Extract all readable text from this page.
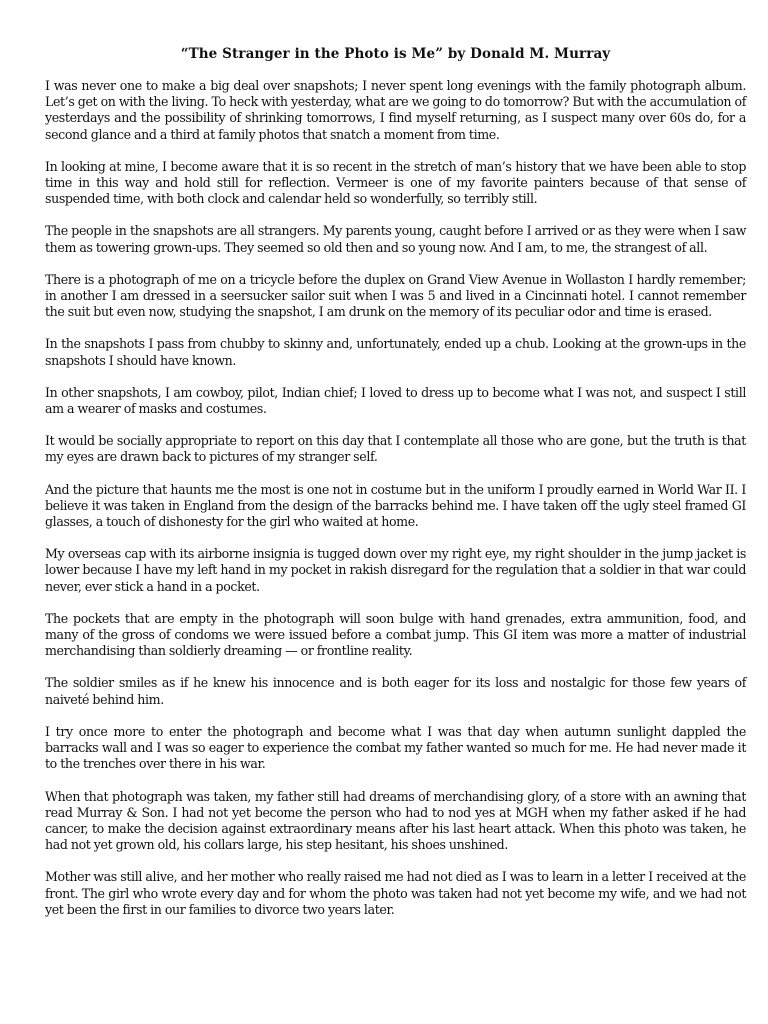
“The Stranger in the Photo is Me” by Donald M. Murray

I was never one to make a big deal over snapshots; I never spent long evenings with the family photograph album. Let’s get on with the living. To heck with yesterday, what are we going to do tomorrow? But with the accumulation of yesterdays and the possibility of shrinking tomorrows, I find myself returning, as I suspect many over 60s do, for a second glance and a third at family photos that snatch a moment from time.

In looking at mine, I become aware that it is so recent in the stretch of man’s history that we have been able to stop time in this way and hold still for reflection. Vermeer is one of my favorite painters because of that sense of suspended time, with both clock and calendar held so wonderfully, so terribly still.

The people in the snapshots are all strangers. My parents young, caught before I arrived or as they were when I saw them as towering grown-ups. They seemed so old then and so young now. And I am, to me, the strangest of all.

There is a photograph of me on a tricycle before the duplex on Grand View Avenue in Wollaston I hardly remember; in another I am dressed in a seersucker sailor suit when I was 5 and lived in a Cincinnati hotel. I cannot remember the suit but even now, studying the snapshot, I am drunk on the memory of its peculiar odor and time is erased.

In the snapshots I pass from chubby to skinny and, unfortunately, ended up a chub. Looking at the grown-ups in the snapshots I should have known.

In other snapshots, I am cowboy, pilot, Indian chief; I loved to dress up to become what I was not, and suspect I still am a wearer of masks and costumes.

It would be socially appropriate to report on this day that I contemplate all those who are gone, but the truth is that my eyes are drawn back to pictures of my stranger self.

And the picture that haunts me the most is one not in costume but in the uniform I proudly earned in World War II. I believe it was taken in England from the design of the barracks behind me. I have taken off the ugly steel framed GI glasses, a touch of dishonesty for the girl who waited at home.

My overseas cap with its airborne insignia is tugged down over my right eye, my right shoulder in the jump jacket is lower because I have my left hand in my pocket in rakish disregard for the regulation that a soldier in that war could never, ever stick a hand in a pocket.

The pockets that are empty in the photograph will soon bulge with hand grenades, extra ammunition, food, and many of the gross of condoms we were issued before a combat jump. This GI item was more a matter of industrial merchandising than soldierly dreaming — or frontline reality.

The soldier smiles as if he knew his innocence and is both eager for its loss and nostalgic for those few years of naiveté behind him.

I try once more to enter the photograph and become what I was that day when autumn sunlight dappled the barracks wall and I was so eager to experience the combat my father wanted so much for me. He had never made it to the trenches over there in his war.

When that photograph was taken, my father still had dreams of merchandising glory, of a store with an awning that read Murray & Son. I had not yet become the person who had to nod yes at MGH when my father asked if he had cancer, to make the decision against extraordinary means after his last heart attack. When this photo was taken, he had not yet grown old, his collars large, his step hesitant, his shoes unshined.

Mother was still alive, and her mother who really raised me had not died as I was to learn in a letter I received at the front. The girl who wrote every day and for whom the photo was taken had not yet become my wife, and we had not yet been the first in our families to divorce two years later.
